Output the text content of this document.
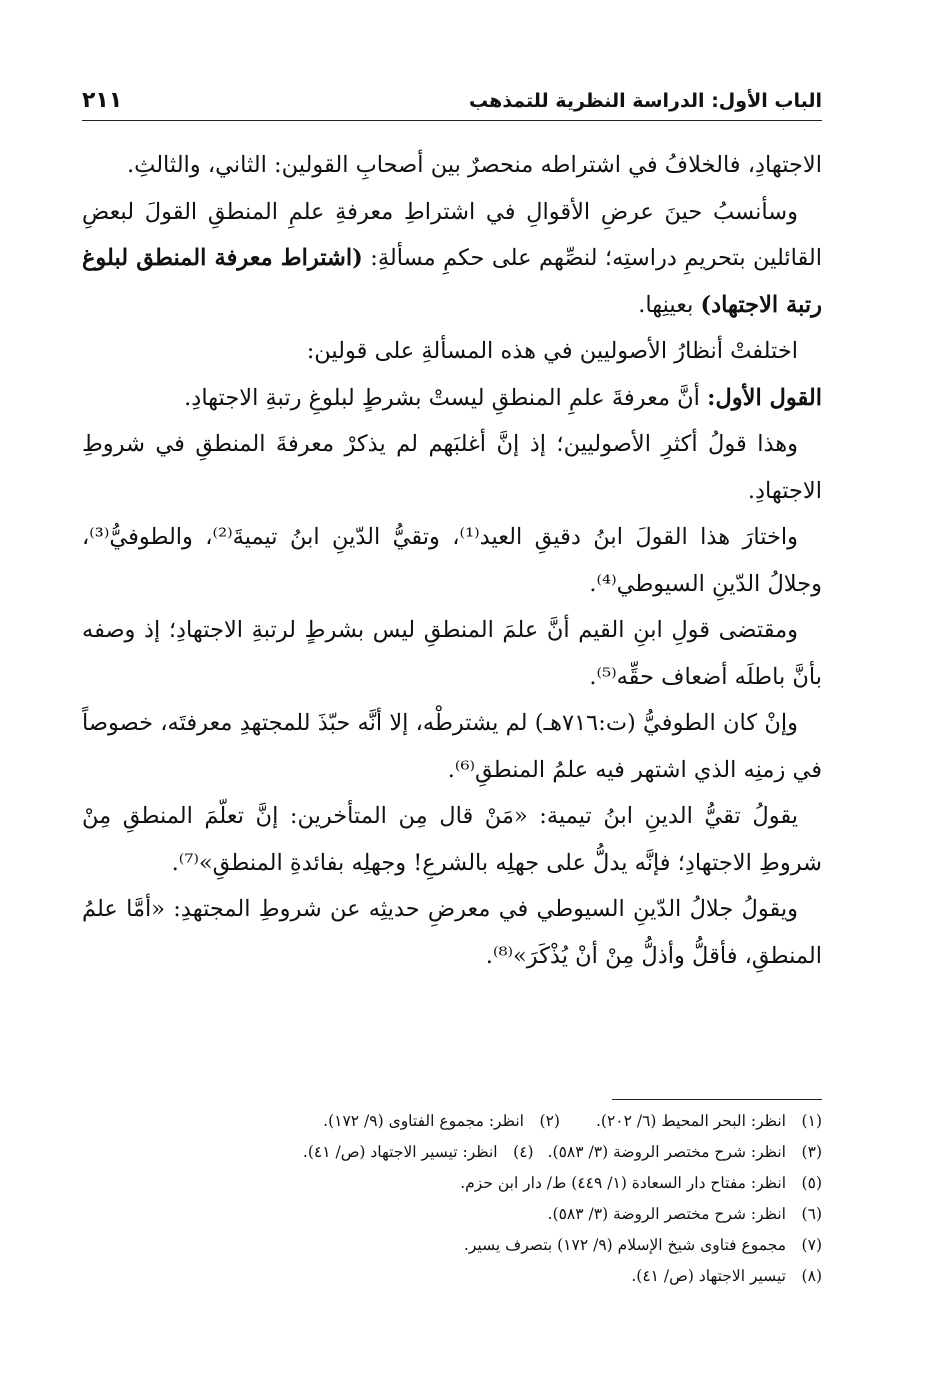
الباب الأول: الدراسة النظرية للتمذهب
٢١١

الاجتهادِ، فالخلافُ في اشتراطه منحصرٌ بين أصحابِ القولين: الثاني، والثالثِ.

وسأنسبُ حينَ عرضِ الأقوالِ في اشتراطِ معرفةِ علمِ المنطقِ القولَ لبعضِ القائلين بتحريمِ دراستِه؛ لنصِّهم على حكمِ مسألةِ: (اشتراط معرفة المنطق لبلوغ رتبة الاجتهاد) بعينِها.

اختلفتْ أنظارُ الأصوليين في هذه المسألةِ على قولين:

القول الأول: أنَّ معرفةَ علمِ المنطقِ ليستْ بشرطٍ لبلوغِ رتبةِ الاجتهادِ.

وهذا قولُ أكثرِ الأصوليين؛ إذ إنَّ أغلبَهم لم يذكرْ معرفةَ المنطقِ في شروطِ الاجتهادِ.

واختارَ هذا القولَ ابنُ دقيقِ العيد⁽¹⁾، وتقيُّ الدّينِ ابنُ تيميةَ⁽²⁾، والطوفيُّ⁽³⁾، وجلالُ الدّينِ السيوطي⁽⁴⁾.

ومقتضى قولِ ابنِ القيم أنَّ علمَ المنطقِ ليس بشرطٍ لرتبةِ الاجتهادِ؛ إذ وصفه بأنَّ باطلَه أضعاف حقِّه⁽⁵⁾.

وإنْ كان الطوفيُّ (ت:٧١٦هـ) لم يشترطْه، إلا أنَّه حبّذَ للمجتهدِ معرفتَه، خصوصاً في زمنِه الذي اشتهر فيه علمُ المنطقِ⁽⁶⁾.

يقولُ تقيُّ الدينِ ابنُ تيمية: «مَنْ قال مِن المتأخرين: إنَّ تعلّمَ المنطقِ مِنْ شروطِ الاجتهادِ؛ فإنَّه يدلُّ على جهلِه بالشرعِ! وجهلِه بفائدةِ المنطقِ»⁽⁷⁾.

ويقولُ جلالُ الدّينِ السيوطي في معرضِ حديثِه عن شروطِ المجتهدِ: «أمَّا علمُ المنطقِ، فأقلُّ وأذلُّ مِنْ أنْ يُذْكَرَ»⁽⁸⁾.

(١)انظر: البحر المحيط (٦/ ٢٠٢).(٢)انظر: مجموع الفتاوى (٩/ ١٧٢).
(٣)انظر: شرح مختصر الروضة (٣/ ٥٨٣).(٤)انظر: تيسير الاجتهاد (ص/ ٤١).
(٥)انظر: مفتاح دار السعادة (١/ ٤٤٩) ط/ دار ابن حزم.
(٦)انظر: شرح مختصر الروضة (٣/ ٥٨٣).
(٧)مجموع فتاوى شيخ الإسلام (٩/ ١٧٢) بتصرف يسير.
(٨)تيسير الاجتهاد (ص/ ٤١).
